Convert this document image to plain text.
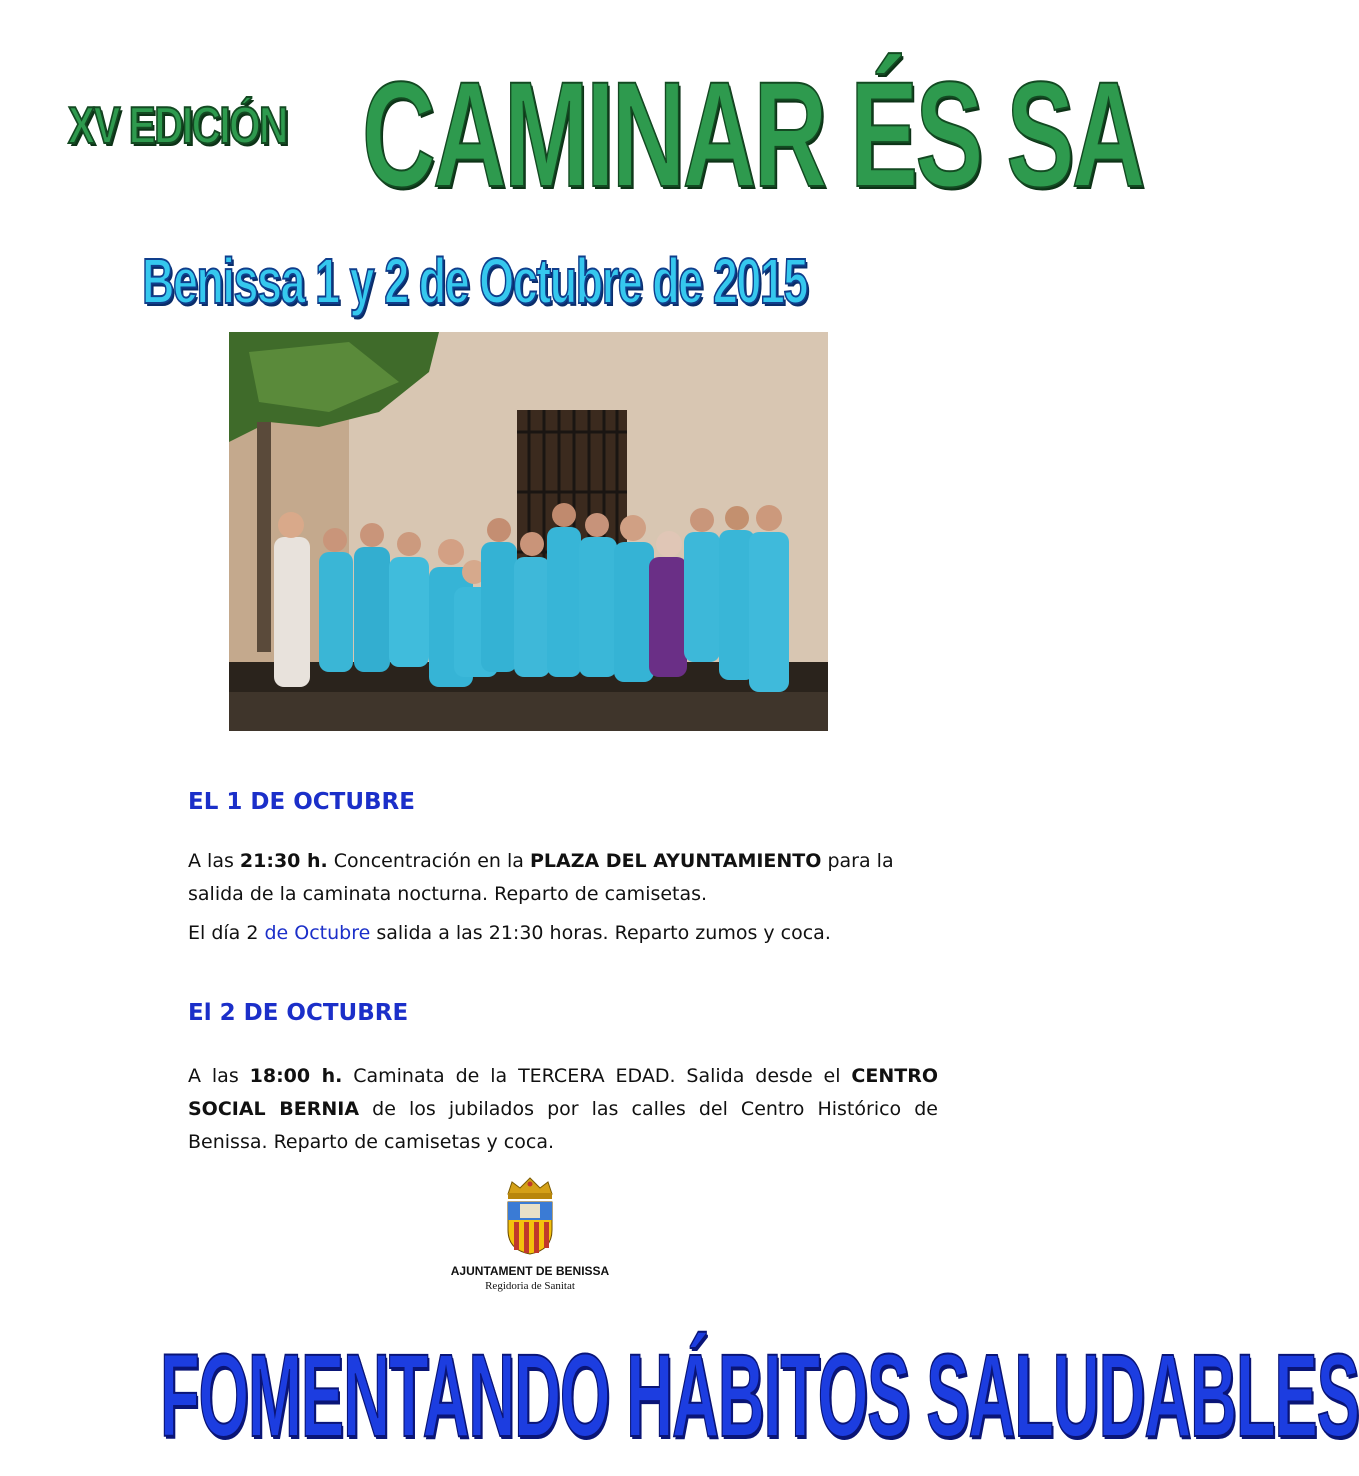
XV EDICIÓN CAMINAR ÉS SA
Benissa 1 y 2 de Octubre de 2015
EL 1 DE OCTUBRE

A las 21:30 h. Concentración en la PLAZA DEL AYUNTAMIENTO para la salida de la caminata nocturna. Reparto de camisetas.

El día 2 de Octubre salida a las 21:30 horas. Reparto zumos y coca.

El 2 DE OCTUBRE

A las 18:00 h. Caminata de la TERCERA EDAD. Salida desde el CENTRO SOCIAL BERNIA de los jubilados por las calles del Centro Histórico de Benissa. Reparto de camisetas y coca.

AJUNTAMENT DE BENISSA
Regidoria de Sanitat
FOMENTANDO HÁBITOS SALUDABLES
